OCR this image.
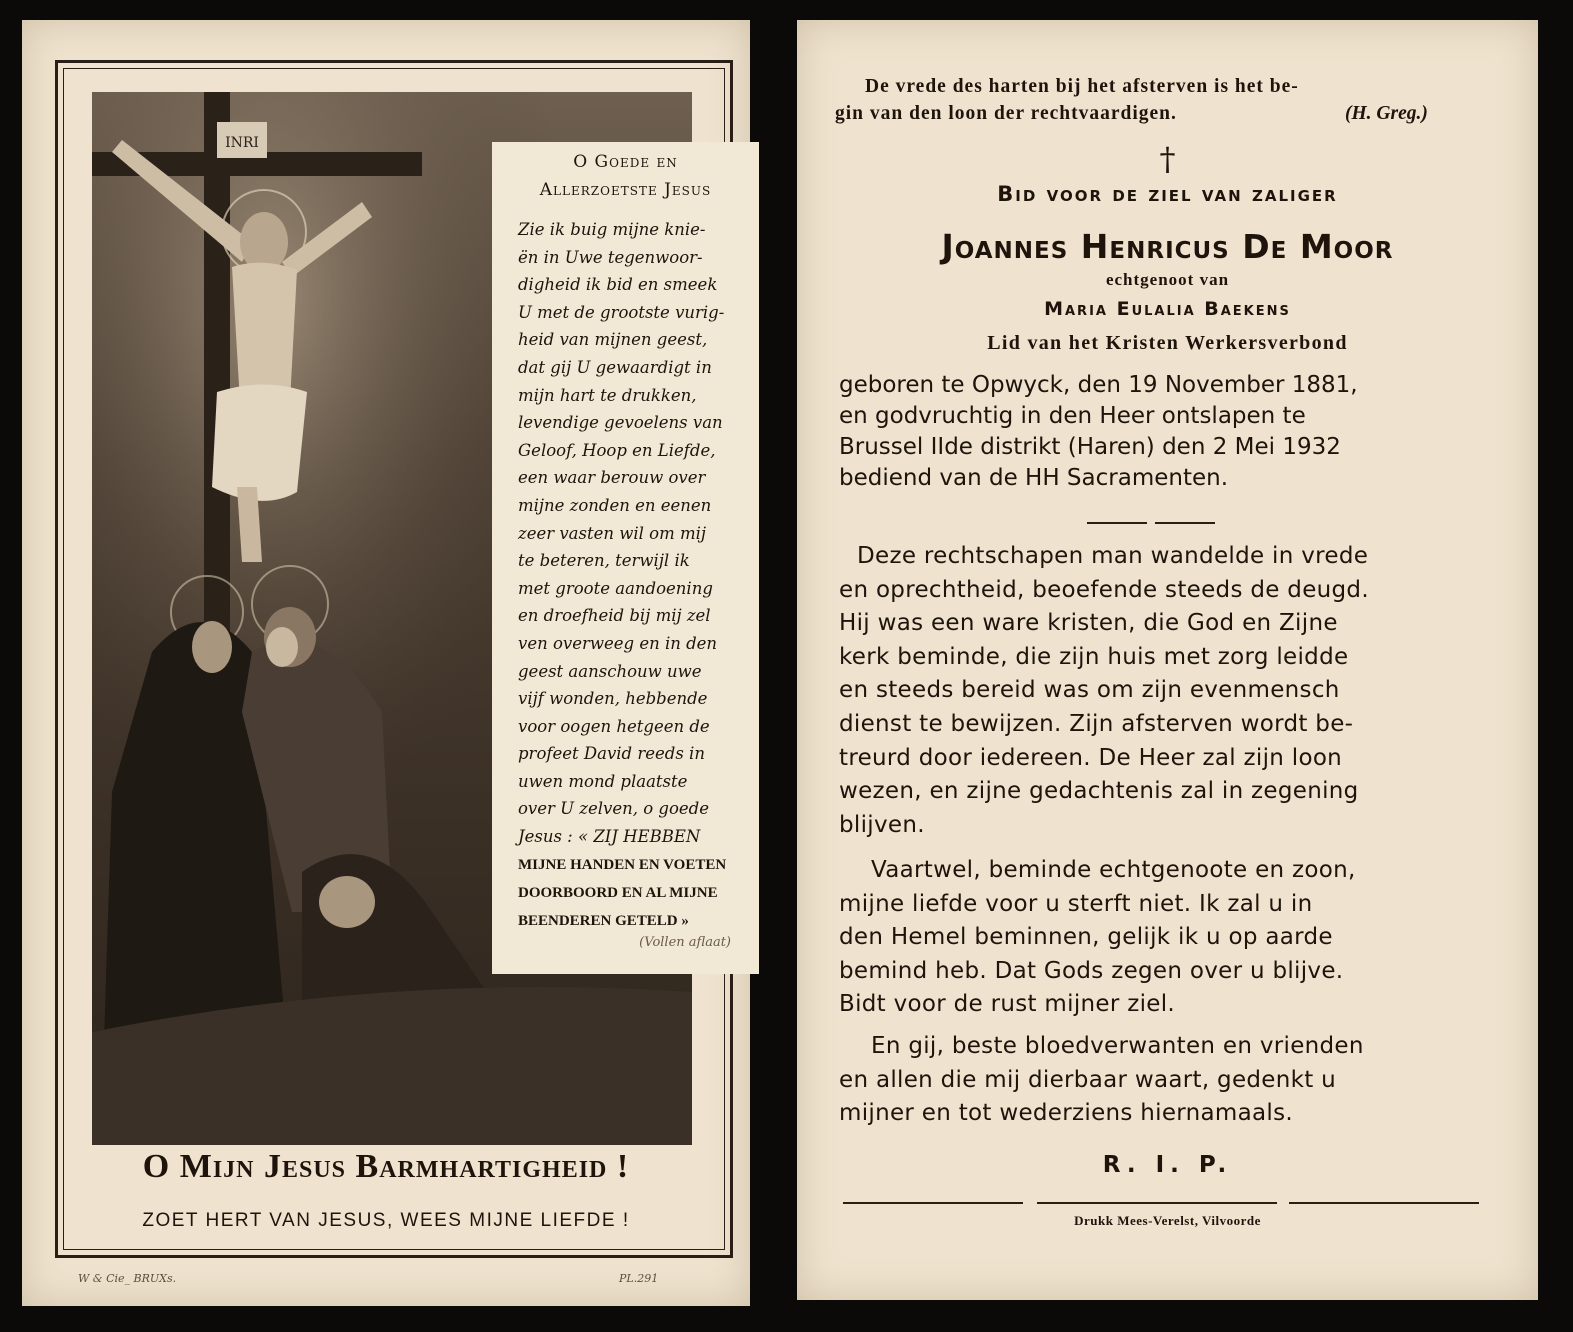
INRI
O Goede en
Allerzoetste Jesus
Zie ik buig mijne knie-
ën in Uwe tegenwoor-
digheid ik bid en smeek
U met de grootste vurig-
heid van mijnen geest,
dat gij U gewaardigt in
mijn hart te drukken,
levendige gevoelens van
Geloof, Hoop en Liefde,
een waar berouw over
mijne zonden en eenen
zeer vasten wil om mij
te beteren, terwijl ik
met groote aandoening
en droefheid bij mij zel
ven overweeg en in den
geest aanschouw uwe
vijf wonden, hebbende
voor oogen hetgeen de
profeet David reeds in
uwen mond plaatste
over U zelven, o goede
Jesus : « ZIJ HEBBEN
MIJNE HANDEN EN VOETEN
DOORBOORD EN AL MIJNE
BEENDEREN GETELD »
(Vollen aflaat)
O Mijn Jesus Barmhartigheid !
ZOET HERT VAN JESUS, WEES MIJNE LIEFDE !
W & Cie_ BRUXs.	PL.291
De vrede des harten bij het afsterven is het be-
gin van den loon der rechtvaardigen.	(H. Greg.)
†
Bid voor de ziel van zaliger
Joannes Henricus De Moor
echtgenoot van
Maria Eulalia Baekens
Lid van het Kristen Werkersverbond
geboren te Opwyck, den 19 November 1881,
en godvruchtig in den Heer ontslapen te
Brussel IIde distrikt (Haren) den 2 Mei 1932
bediend van de HH Sacramenten.
Deze rechtschapen man wandelde in vrede
en oprechtheid, beoefende steeds de deugd.
Hij was een ware kristen, die God en Zijne
kerk beminde, die zijn huis met zorg leidde
en steeds bereid was om zijn evenmensch
dienst te bewijzen. Zijn afsterven wordt be-
treurd door iedereen. De Heer zal zijn loon
wezen, en zijne gedachtenis zal in zegening
blijven.
Vaartwel, beminde echtgenoote en zoon,
mijne liefde voor u sterft niet. Ik zal u in
den Hemel beminnen, gelijk ik u op aarde
bemind heb. Dat Gods zegen over u blijve.
Bidt voor de rust mijner ziel.
En gij, beste bloedverwanten en vrienden
en allen die mij dierbaar waart, gedenkt u
mijner en tot wederziens hiernamaals.
R. I. P.
Drukk Mees-Verelst, Vilvoorde
